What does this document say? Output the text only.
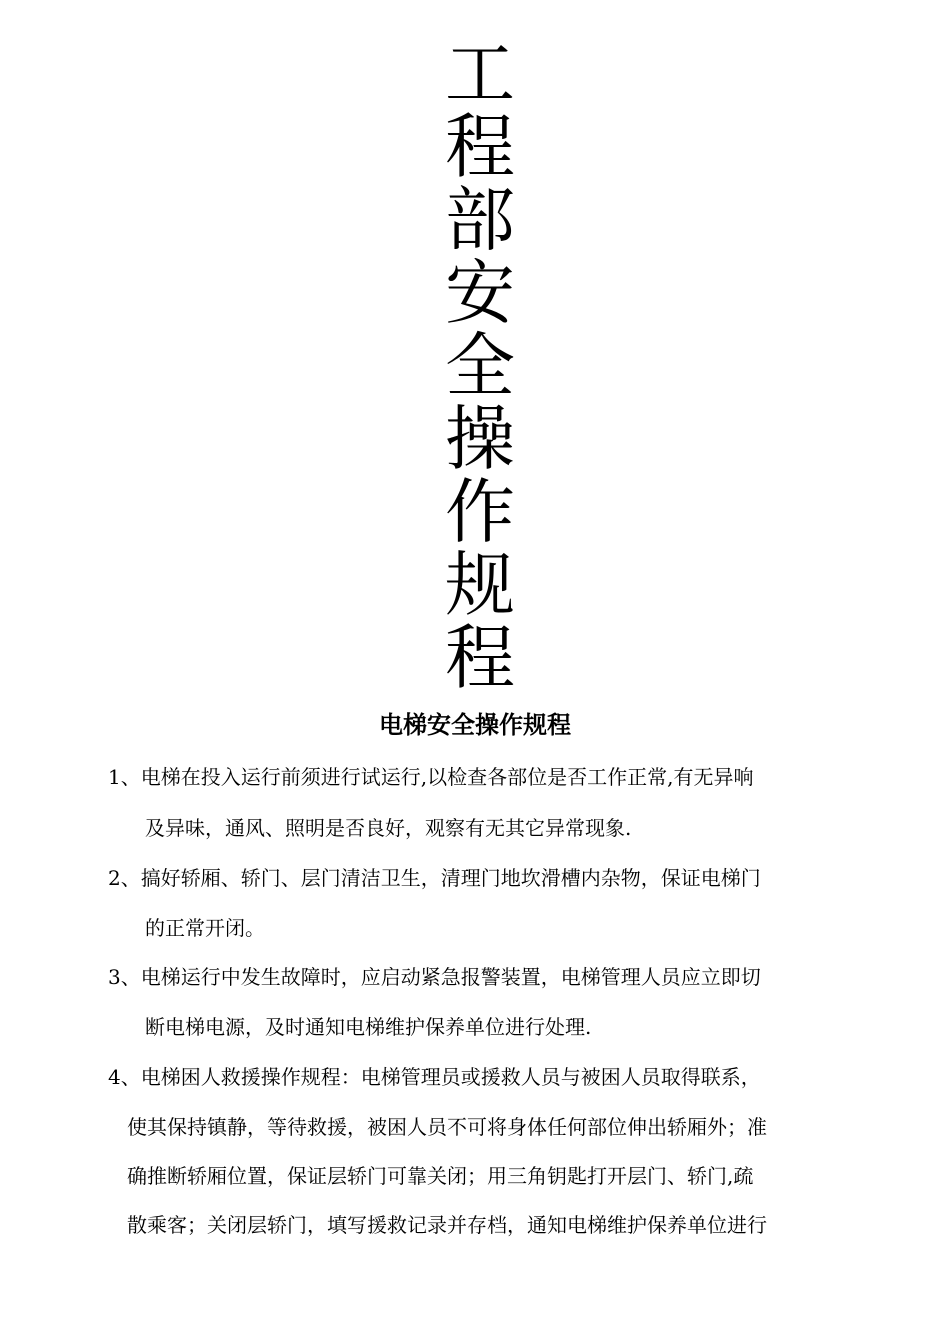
工
程
部
安
全
操
作
规
程
电梯安全操作规程
1、电梯在投入运行前须进行试运行,以检查各部位是否工作正常,有无异响
及异味，通风、照明是否良好，观察有无其它异常现象.
2、搞好轿厢、轿门、层门清洁卫生，清理门地坎滑槽内杂物，保证电梯门
的正常开闭。
3、电梯运行中发生故障时，应启动紧急报警装置，电梯管理人员应立即切
断电梯电源，及时通知电梯维护保养单位进行处理.
4、电梯困人救援操作规程：电梯管理员或援救人员与被困人员取得联系，
使其保持镇静，等待救援，被困人员不可将身体任何部位伸出轿厢外；准
确推断轿厢位置，保证层轿门可靠关闭；用三角钥匙打开层门、轿门,疏
散乘客；关闭层轿门，填写援救记录并存档，通知电梯维护保养单位进行
